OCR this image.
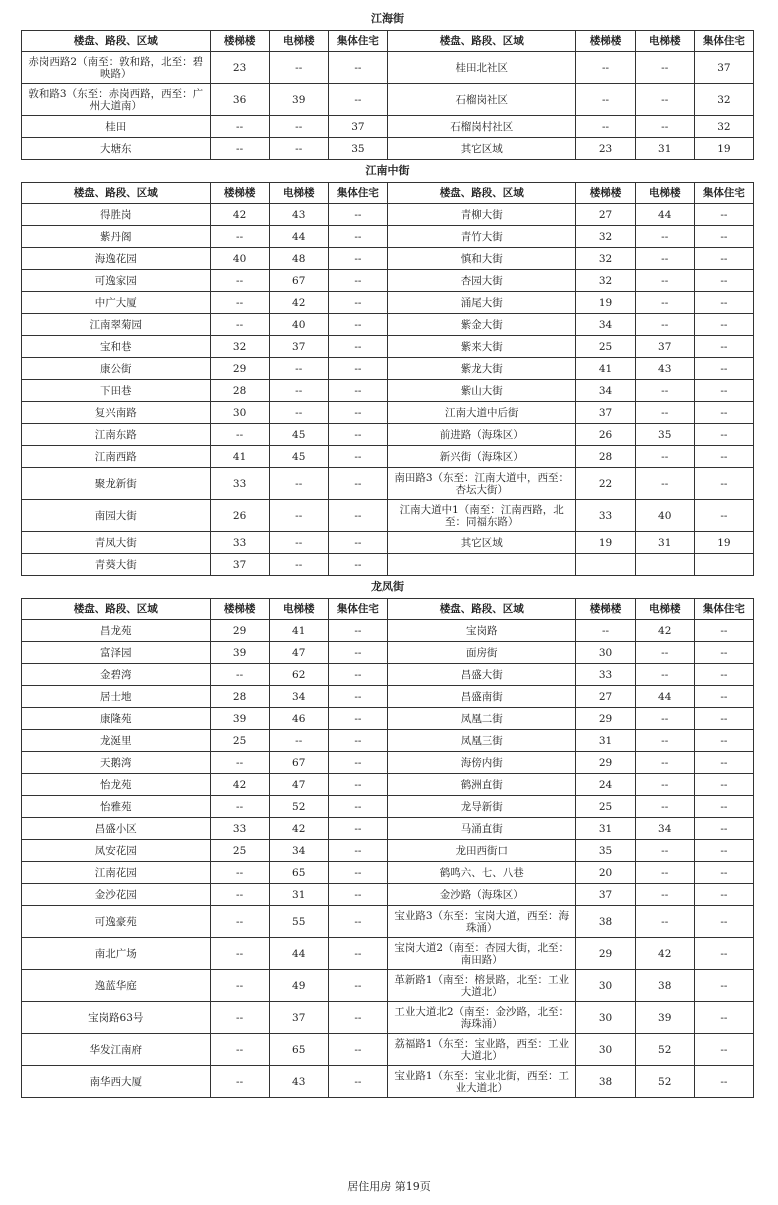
江海街
楼盘、路段、区域	楼梯楼	电梯楼	集体住宅	楼盘、路段、区域	楼梯楼	电梯楼	集体住宅
赤岗西路2（南至：敦和路，北至：碧映路）	23	--	--	桂田北社区	--	--	37
敦和路3（东至：赤岗西路，西至：广州大道南）	36	39	--	石榴岗社区	--	--	32
桂田	--	--	37	石榴岗村社区	--	--	32
大塘东	--	--	35	其它区域	23	31	19
江南中街
楼盘、路段、区域	楼梯楼	电梯楼	集体住宅	楼盘、路段、区域	楼梯楼	电梯楼	集体住宅
得胜岗	42	43	--	青柳大街	27	44	--
紫丹阁	--	44	--	青竹大街	32	--	--
海逸花园	40	48	--	慎和大街	32	--	--
可逸家园	--	67	--	杏园大街	32	--	--
中广大厦	--	42	--	涌尾大街	19	--	--
江南翠菊园	--	40	--	紫金大街	34	--	--
宝和巷	32	37	--	紫来大街	25	37	--
康公街	29	--	--	紫龙大街	41	43	--
下田巷	28	--	--	紫山大街	34	--	--
复兴南路	30	--	--	江南大道中后街	37	--	--
江南东路	--	45	--	前进路（海珠区）	26	35	--
江南西路	41	45	--	新兴街（海珠区）	28	--	--
聚龙新街	33	--	--	南田路3（东至：江南大道中，西至：杏坛大街）	22	--	--
南园大街	26	--	--	江南大道中1（南至：江南西路，北至：同福东路）	33	40	--
青凤大街	33	--	--	其它区域	19	31	19
青葵大街	37	--	--				
龙凤街
楼盘、路段、区域	楼梯楼	电梯楼	集体住宅	楼盘、路段、区域	楼梯楼	电梯楼	集体住宅
昌龙苑	29	41	--	宝岗路	--	42	--
富泽园	39	47	--	面房街	30	--	--
金碧湾	--	62	--	昌盛大街	33	--	--
居士地	28	34	--	昌盛南街	27	44	--
康隆苑	39	46	--	凤凰二街	29	--	--
龙涎里	25	--	--	凤凰三街	31	--	--
天鹅湾	--	67	--	海傍内街	29	--	--
怡龙苑	42	47	--	鹤洲直街	24	--	--
怡雅苑	--	52	--	龙导新街	25	--	--
昌盛小区	33	42	--	马涌直街	31	34	--
凤安花园	25	34	--	龙田西街口	35	--	--
江南花园	--	65	--	鹤鸣六、七、八巷	20	--	--
金沙花园	--	31	--	金沙路（海珠区）	37	--	--
可逸豪苑	--	55	--	宝业路3（东至：宝岗大道，西至：海珠涌）	38	--	--
南北广场	--	44	--	宝岗大道2（南至：杏园大街，北至：南田路）	29	42	--
逸蓝华庭	--	49	--	革新路1（南至：榕景路，北至：工业大道北）	30	38	--
宝岗路63号	--	37	--	工业大道北2（南至：金沙路，北至：海珠涌）	30	39	--
华发江南府	--	65	--	荔福路1（东至：宝业路，西至：工业大道北）	30	52	--
南华西大厦	--	43	--	宝业路1（东至：宝业北街，西至：工业大道北）	38	52	--
居住用房 第19页
